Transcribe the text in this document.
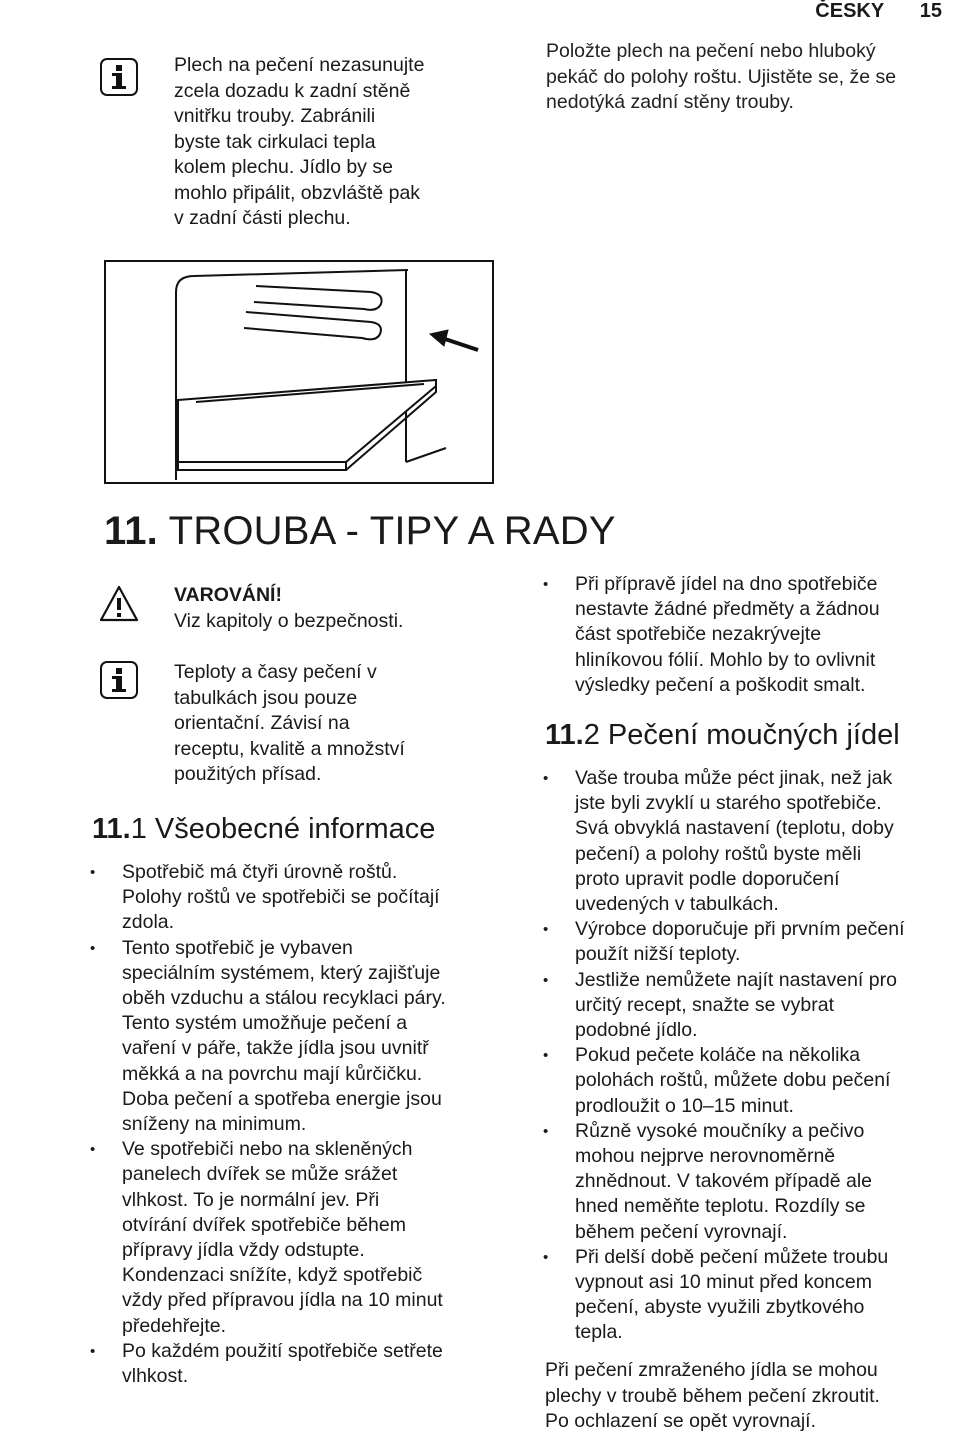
ČESKY 15

Plech na pečení nezasunujte

zcela dozadu k zadní stěně

vnitřku trouby. Zabránili

byste tak cirkulaci tepla

kolem plechu. Jídlo by se

mohlo připálit, obzvláště pak

v zadní části plechu.

Položte plech na pečení nebo hluboký

pekáč do polohy roštu. Ujistěte se, že se

nedotýká zadní stěny trouby.

11. TROUBA - TIPY A RADY

VAROVÁNÍ!

Viz kapitoly o bezpečnosti.

Teploty a časy pečení v

tabulkách jsou pouze

orientační. Závisí na

receptu, kvalitě a množství

použitých přísad.

11.1 Všeobecné informace
• Spotřebič má čtyři úrovně roštů.
Polohy roštů ve spotřebiči se počítají
zdola.
• Tento spotřebič je vybaven
speciálním systémem, který zajišťuje
oběh vzduchu a stálou recyklaci páry.
Tento systém umožňuje pečení a
vaření v páře, takže jídla jsou uvnitř
měkká a na povrchu mají kůrčičku.
Doba pečení a spotřeba energie jsou
sníženy na minimum.
• Ve spotřebiči nebo na skleněných
panelech dvířek se může srážet
vlhkost. To je normální jev. Při
otvírání dvířek spotřebiče během
přípravy jídla vždy odstupte.
Kondenzaci snížíte, když spotřebič
vždy před přípravou jídla na 10 minut
předehřejte.
• Po každém použití spotřebiče setřete
vlhkost.
• Při přípravě jídel na dno spotřebiče
nestavte žádné předměty a žádnou
část spotřebiče nezakrývejte
hliníkovou fólií. Mohlo by to ovlivnit
výsledky pečení a poškodit smalt.
11.2 Pečení moučných jídel
• Vaše trouba může péct jinak, než jak
jste byli zvyklí u starého spotřebiče.
Svá obvyklá nastavení (teplotu, doby
pečení) a polohy roštů byste měli
proto upravit podle doporučení
uvedených v tabulkách.
• Výrobce doporučuje při prvním pečení
použít nižší teploty.
• Jestliže nemůžete najít nastavení pro
určitý recept, snažte se vybrat
podobné jídlo.
• Pokud pečete koláče na několika
polohách roštů, můžete dobu pečení
prodloužit o 10–15 minut.
• Různě vysoké moučníky a pečivo
mohou nejprve nerovnoměrně
zhnědnout. V takovém případě ale
hned neměňte teplotu. Rozdíly se
během pečení vyrovnají.
• Při delší době pečení můžete troubu
vypnout asi 10 minut před koncem
pečení, abyste využili zbytkového
tepla.

Při pečení zmraženého jídla se mohou

plechy v troubě během pečení zkroutit.

Po ochlazení se opět vyrovnají.
